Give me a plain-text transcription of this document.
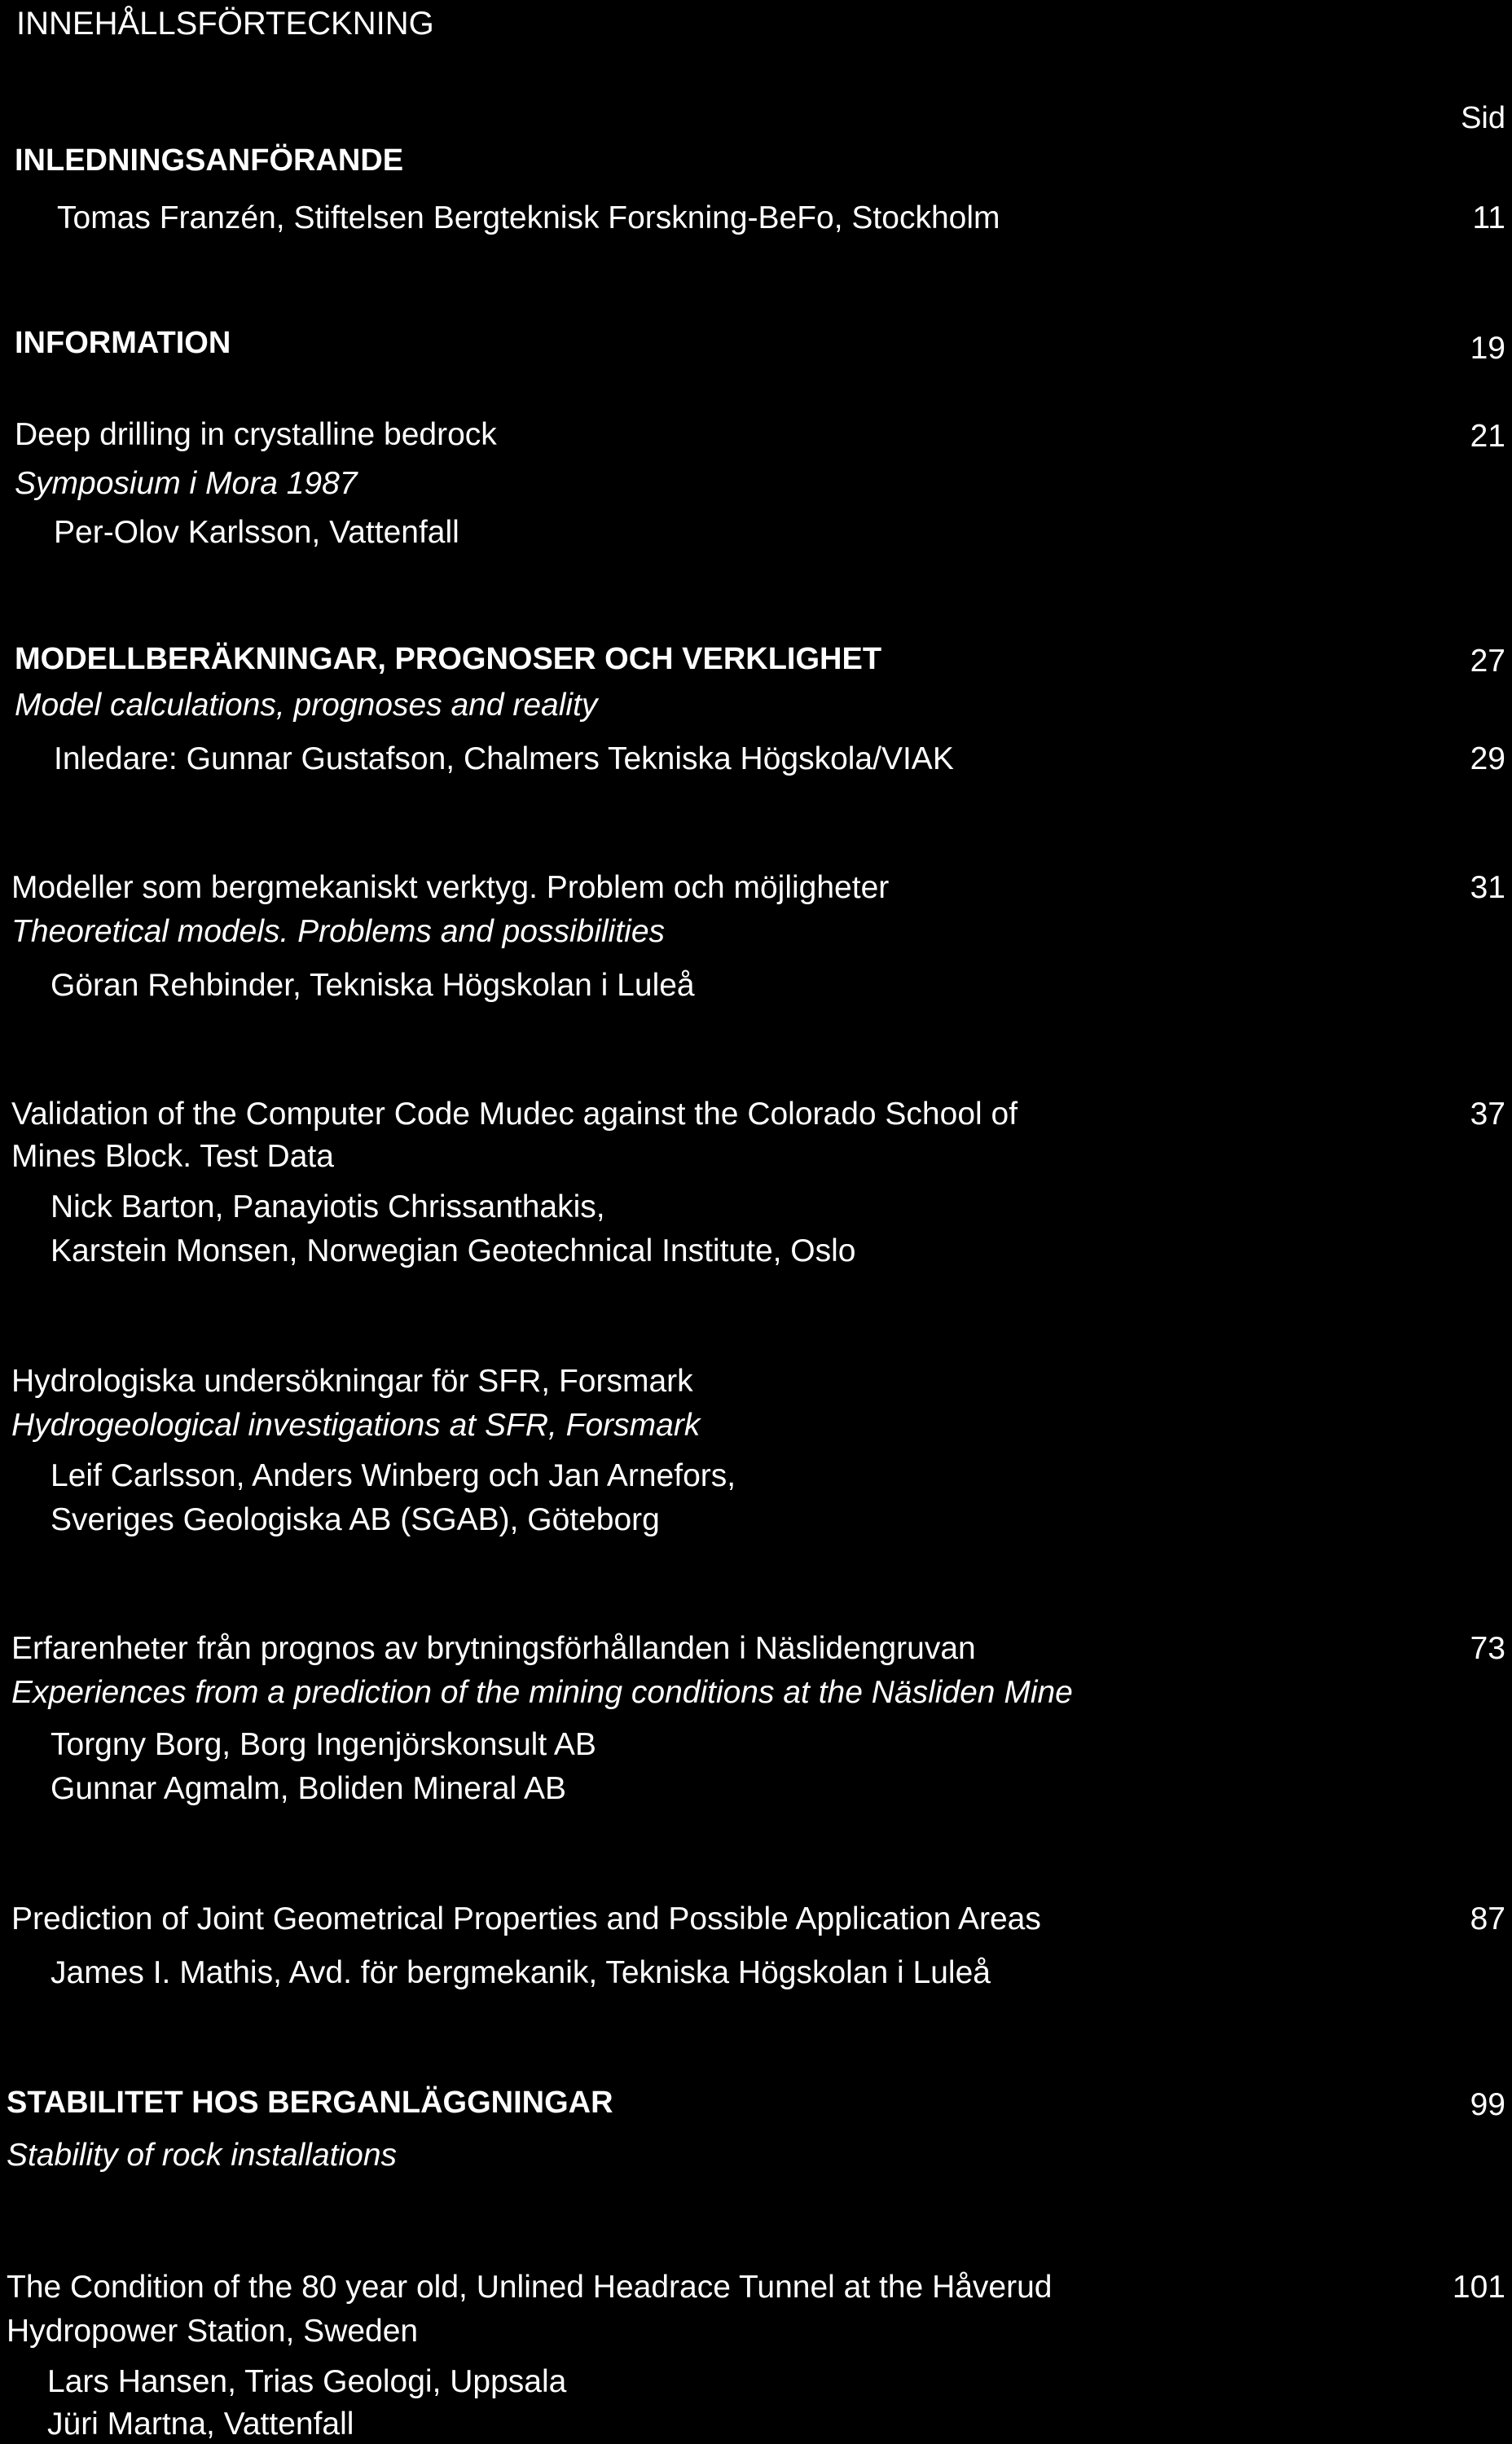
INNEHÅLLSFÖRTECKNING
Sid
INLEDNINGSANFÖRANDE
Tomas Franzén, Stiftelsen Bergteknisk Forskning-BeFo, Stockholm	11
INFORMATION	19
Deep drilling in crystalline bedrock	21
Symposium i Mora 1987
Per-Olov Karlsson, Vattenfall
MODELLBERÄKNINGAR, PROGNOSER OCH VERKLIGHET	27
Model calculations, prognoses and reality
Inledare: Gunnar Gustafson, Chalmers Tekniska Högskola/VIAK	29
Modeller som bergmekaniskt verktyg. Problem och möjligheter	31
Theoretical models. Problems and possibilities
Göran Rehbinder, Tekniska Högskolan i Luleå
Validation of the Computer Code Mudec against the Colorado School of	37
Mines Block. Test Data
Nick Barton, Panayiotis Chrissanthakis,
Karstein Monsen, Norwegian Geotechnical Institute, Oslo
Hydrologiska undersökningar för SFR, Forsmark
Hydrogeological investigations at SFR, Forsmark
Leif Carlsson, Anders Winberg och Jan Arnefors,
Sveriges Geologiska AB (SGAB), Göteborg
Erfarenheter från prognos av brytningsförhållanden i Näslidengruvan	73
Experiences from a prediction of the mining conditions at the Näsliden Mine
Torgny Borg, Borg Ingenjörskonsult AB
Gunnar Agmalm, Boliden Mineral AB
Prediction of Joint Geometrical Properties and Possible Application Areas	87
James I. Mathis, Avd. för bergmekanik, Tekniska Högskolan i Luleå
STABILITET HOS BERGANLÄGGNINGAR	99
Stability of rock installations
The Condition of the 80 year old, Unlined Headrace Tunnel at the Håverud	101
Hydropower Station, Sweden
Lars Hansen, Trias Geologi, Uppsala
Jüri Martna, Vattenfall
